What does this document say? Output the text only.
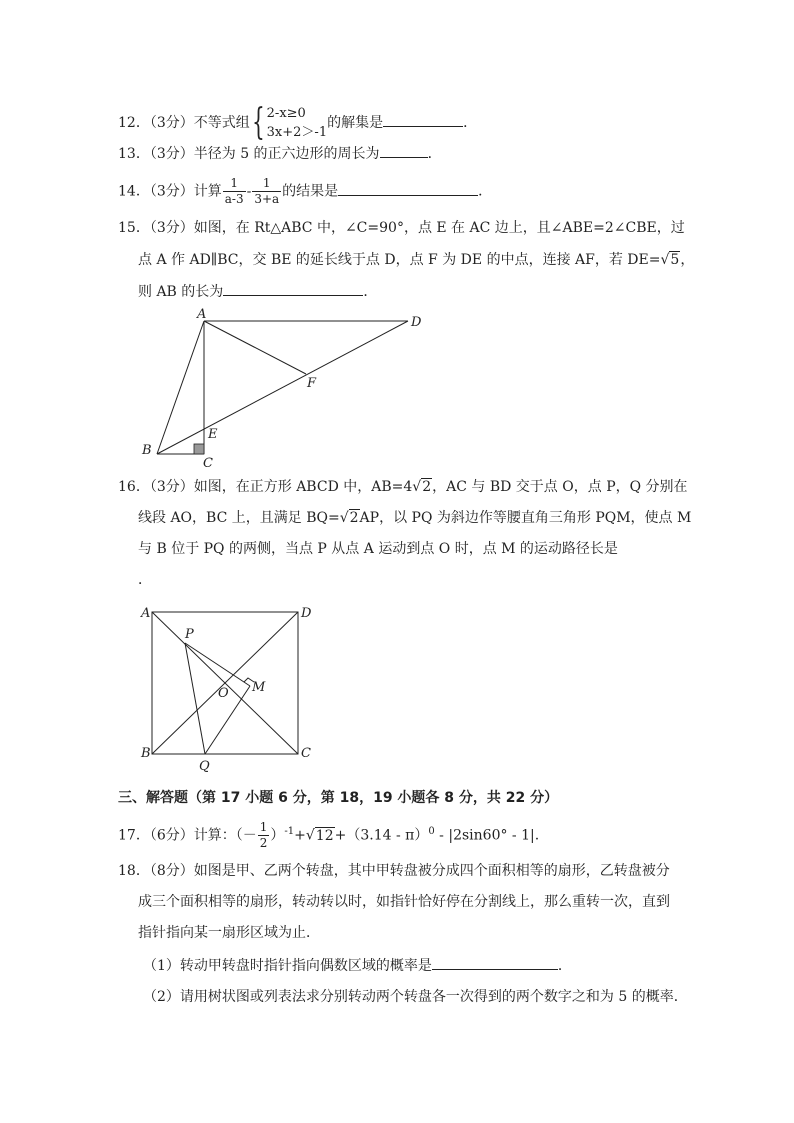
12．（3分）不等式组{ 2-x≥0
3x+2＞-1
的解集是	．
13．（3分）半径为 5 的正六边形的周长为	．
14．（3分）计算 $\frac{1}{a-3} - \frac{1}{3+a}$ 的结果是	．
15．（3分）如图，在 Rt△ABC 中，∠C=90°，点 E 在 AC 边上，且∠ABE=2∠CBE，过
点 A 作 AD∥BC，交 BE 的延长线于点 D，点 F 为 DE 的中点，连接 AF，若 DE=√5，
则 AB 的长为	．
A
D
F
E
B
C
16．（3分）如图，在正方形 ABCD 中，AB=4√2，AC 与 BD 交于点 O，点 P，Q 分别在
线段 AO，BC 上，且满足 BQ=√2AP，以 PQ 为斜边作等腰直角三角形 PQM，使点 M
与 B 位于 PQ 的两侧，当点 P 从点 A 运动到点 O 时，点 M 的运动路径长是
．
A	D
P
O M
B
Q
C
三、解答题（第 17 小题 6 分，第 18，19 小题各 8 分，共 22 分）
17．（6分）计算：（－ $\frac{1}{2} )^{-1}+√12+(3.14 - \pi)^0 - |2\sin 60^\circ - 1|$.
18．（8分）如图是甲、乙两个转盘，其中甲转盘被分成四个面积相等的扇形，乙转盘被分
成三个面积相等的扇形，转动转以时，如指针恰好停在分割线上，那么重转一次，直到
指针指向某一扇形区域为止．
（1）转动甲转盘时指针指向偶数区域的概率是	．
（2）请用树状图或列表法求分别转动两个转盘各一次得到的两个数字之和为 5 的概率．
